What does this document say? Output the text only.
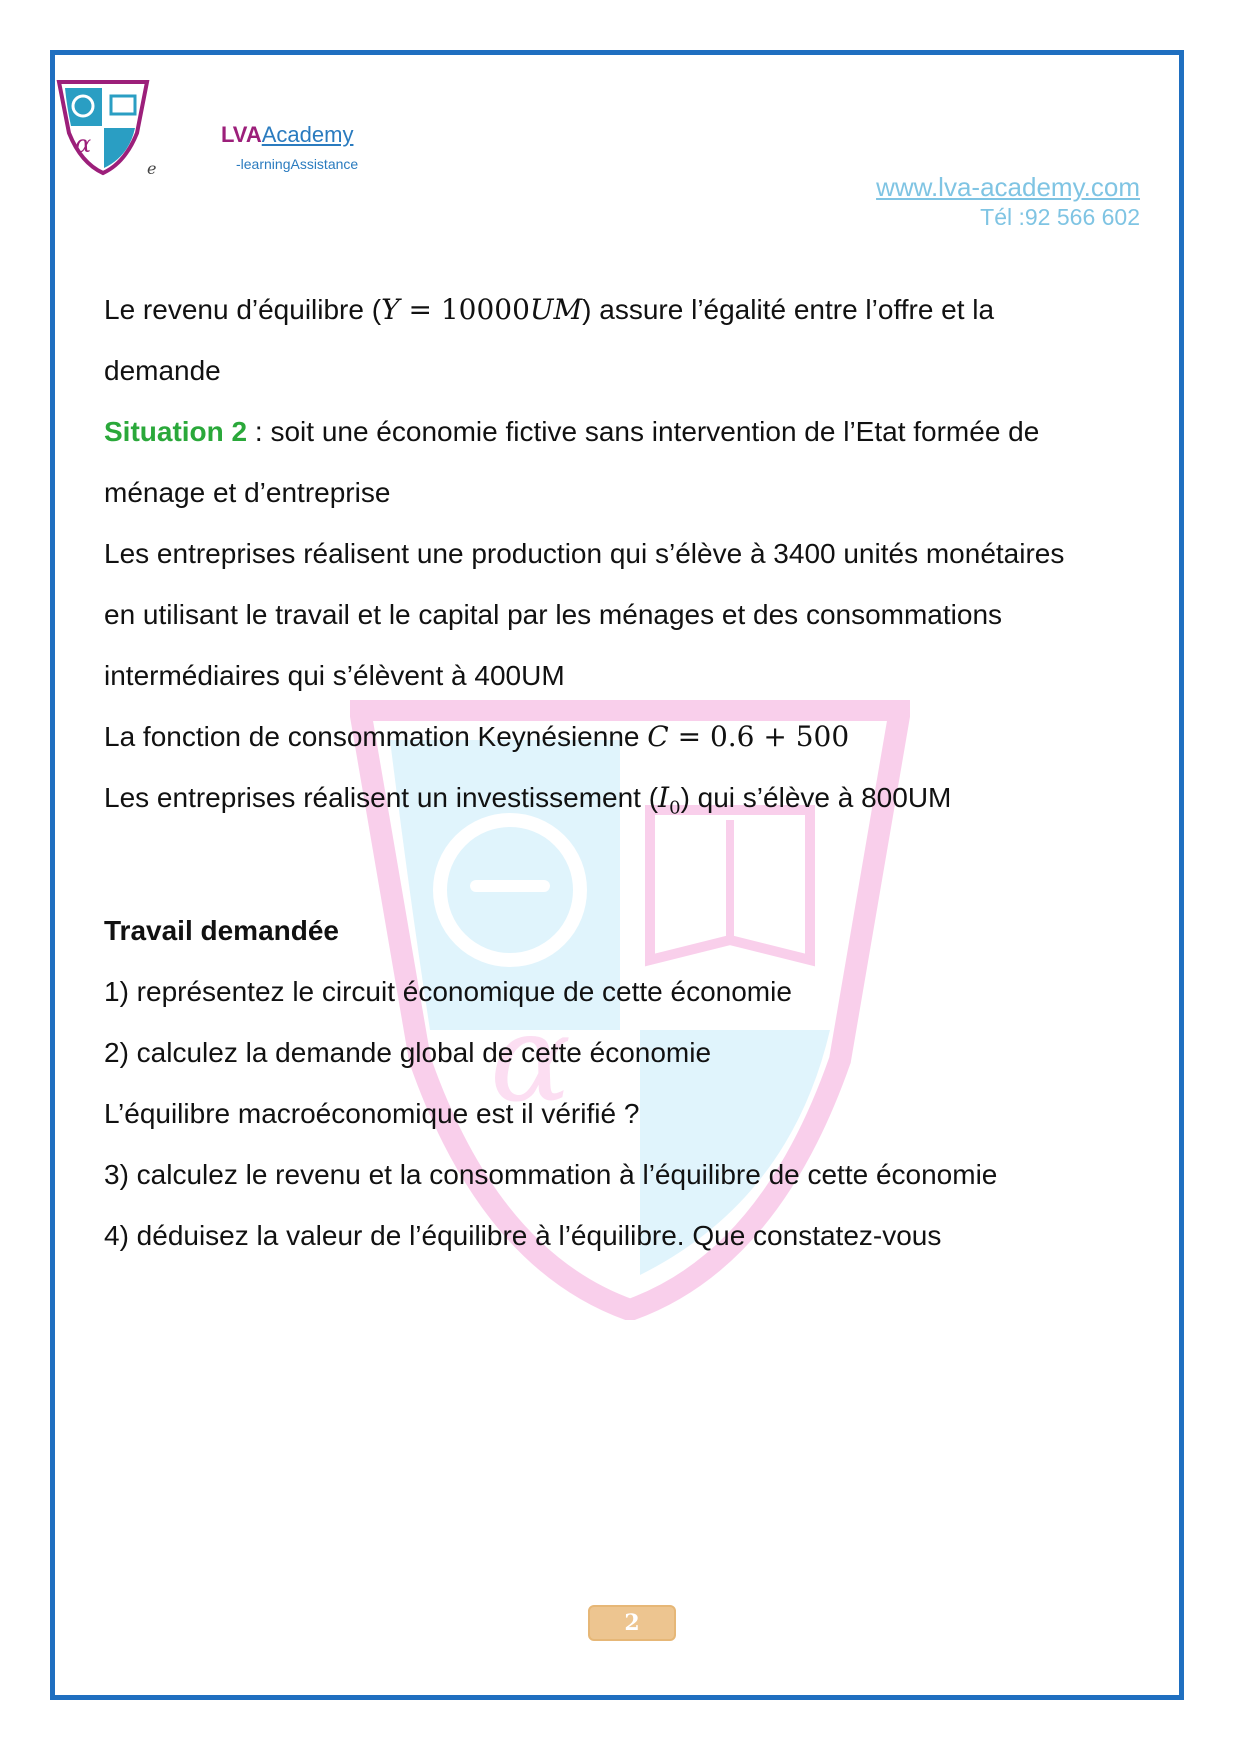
α
α
e
LVAAcademy
-learningAssistance
www.lva-academy.com
Tél :92 566 602

Le revenu d’équilibre (Y = 10000UM) assure l’égalité entre l’offre et la

demande

Situation 2 : soit une économie fictive sans intervention de l’Etat formée de

ménage et d’entreprise

Les entreprises réalisent une production qui s’élève à 3400 unités monétaires

en utilisant le travail et le capital par les ménages et des consommations

intermédiaires qui s’élèvent à 400UM

La fonction de consommation Keynésienne C = 0.6 + 500

Les entreprises réalisent un investissement $(I_0)$ qui s’élève à 800UM

Travail demandée

1) représentez le circuit économique de cette économie

2) calculez la demande global de cette économie

L’équilibre macroéconomique est il vérifié ?

3) calculez le revenu et la consommation à l’équilibre de cette économie

4) déduisez la valeur de l’équilibre à l’équilibre. Que constatez-vous

2
